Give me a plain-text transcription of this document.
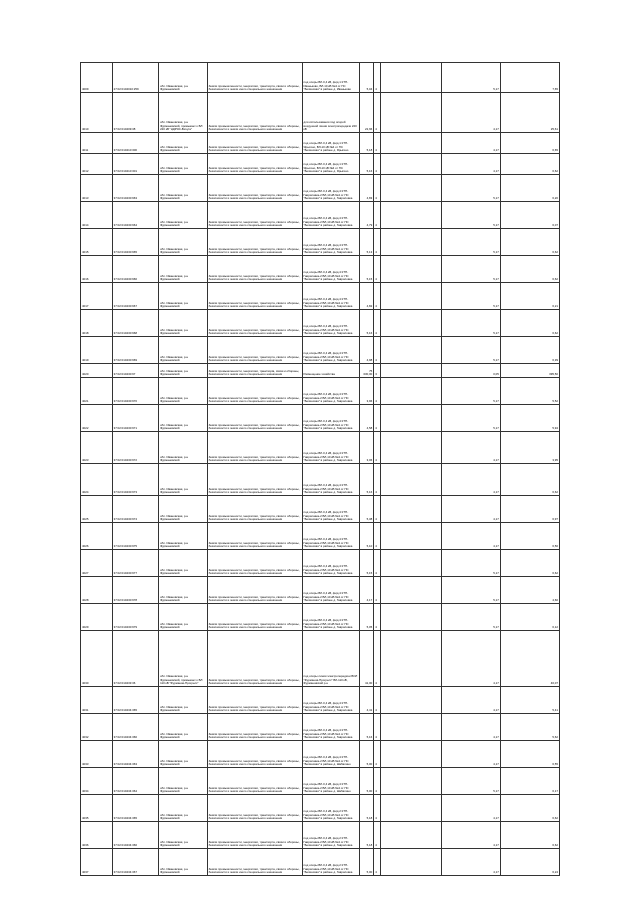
4009	27:02:0104010:259	обл. Ивановская, р-н Фурмановский	Земли промышленности, энергетики, транспорта, связи и обороны, безопасности и земли иного специального назначения	под опоры ВЛ-0,4 кВ, фид.1 КТП-Иваньково, ВЛ-10 кВ №4 от ПС "Белинская" в районе д. Иваньково	5,04	4		5,17	7,65
4010	37:02:010409:38	обл. Ивановская, р-н Фурмановский, примыкает к ВЛ 220 кВ "НДРЭС-Вичуга"	Земли промышленности, энергетики, транспорта, связи и обороны, безопасности и земли иного специального назначения	для использования под опорой воздушной линии электропередачи 220 кВ	22,66	4		4,17	25,61
4011	37:02:010410:300	обл. Ивановская, р-н Фурмановский	Земли промышленности, энергетики, транспорта, связи и обороны, безопасности и земли иного специального назначения	под опоры ВЛ-0,4 кВ, фид.1 КТП-Ярыгино, ВЛ-10 кВ №4 от ПС "Белинская" в районе д. Ярыгино	5,18	4		4,17	6,65
4012	37:02:010410:301	обл. Ивановская, р-н Фурмановский	Земли промышленности, энергетики, транспорта, связи и обороны, безопасности и земли иного специального назначения	под опоры ВЛ-0,4 кВ, фид.1 КТП-Ярыгино, ВЛ-10 кВ №4 от ПС "Белинская" в районе д. Ярыгино	5,16	4		4,17	6,62
4013	37:02:010430:963	обл. Ивановская, р-н Фурмановский	Земли промышленности, энергетики, транспорта, связи и обороны, безопасности и земли иного специального назначения	под опоры ВЛ-0,4 кВ, фид.4 КТП-Гавриловка-2 ВЛ-10 кВ №4 от ПС "Белинская" в районе д. Гавриловка	4,83	4		5,17	6,20
4014	37:02:010430:964	обл. Ивановская, р-н Фурмановский	Земли промышленности, энергетики, транспорта, связи и обороны, безопасности и земли иного специального назначения	под опоры ВЛ-0,4 кВ, фид.4 КТП-Гавриловка-2 ВЛ-10 кВ №4 от ПС "Белинская" в районе д. Гавриловка	4,79	4		5,17	6,07
4015	37:02:010430:965	обл. Ивановская, р-н Фурмановский	Земли промышленности, энергетики, транспорта, связи и обороны, безопасности и земли иного специального назначения	под опоры ВЛ-0,4 кВ, фид.4 КТП-Гавриловка-2 ВЛ-10 кВ №4 от ПС "Белинская" в районе д. Гавриловка	5,13	4		5,17	6,62
4016	37:02:010430:966	обл. Ивановская, р-н Фурмановский	Земли промышленности, энергетики, транспорта, связи и обороны, безопасности и земли иного специального назначения	под опоры ВЛ-0,4 кВ, фид.4 КТП-Гавриловка-2 ВЛ-10 кВ №4 от ПС "Белинская" в районе д. Гавриловка	5,15	4		5,17	6,62
4017	37:02:010430:967	обл. Ивановская, р-н Фурмановский	Земли промышленности, энергетики, транспорта, связи и обороны, безопасности и земли иного специального назначения	под опоры ВЛ-0,4 кВ, фид.4 КТП-Гавриловка-2 ВЛ-10 кВ №4 от ПС "Белинская" в районе д. Гавриловка	4,82	4		5,17	6,21
4018	37:02:010430:968	обл. Ивановская, р-н Фурмановский	Земли промышленности, энергетики, транспорта, связи и обороны, безопасности и земли иного специального назначения	под опоры ВЛ-0,4 кВ, фид.4 КТП-Гавриловка-2 ВЛ-10 кВ №4 от ПС "Белинская" в районе д. Гавриловка	5,16	4		5,17	6,62
4019	37:02:010430:969	обл. Ивановская, р-н Фурмановский	Земли промышленности, энергетики, транспорта, связи и обороны, безопасности и земли иного специального назначения	под опоры ВЛ-0,4 кВ, фид.4 КТП-Гавриловка-2 ВЛ-10 кВ №4 от ПС "Белинская" в районе д. Гавриловка	4,98	4		5,17	6,39
4020	37:02:010430:97	обл. Ивановская, р-н Фурмановский	Земли промышленности, энергетики, транспорta, связи и обороны, безопасности и земли иного специального назначения	Размещение хозяйства	75 030,00	3		0,05	395,50
4021	37:02:010430:970	обл. Ивановская, р-н Фурмановский	Земли промышленности, энергетики, транспорта, связи и обороны, безопасности и земли иного специального назначения	под опоры ВЛ-0,4 кВ, фид.4 КТП-Гавриловка-2 ВЛ-10 кВ №4 от ПС "Белинская" в районе д. Гавриловка	3,96	4		5,17	5,52
4022	37:02:010430:971	обл. Ивановская, р-н Фурмановский	Земли промышленности, энергетики, транспорта, связи и обороны, безопасности и земли иного специального назначения	под опоры ВЛ-0,4 кВ, фид.4 КТП-Гавриловка-2 ВЛ-10 кВ №4 от ПС "Белинская" в районе д. Гавриловка	4,58	4		5,17	5,94
4023	37:02:010430:972	обл. Ивановская, р-н Фурмановский	Земли промышленности, энергетики, транспорта, связи и обороны, безопасности и земли иного специального назначения	под опоры ВЛ-0,4 кВ, фид.4 КТП-Гавриловка-2 ВЛ-10 кВ №4 от ПС "Белинская" в районе д. Гавриловка	3,06	4		4,17	3,95
4024	37:02:010430:973	обл. Ивановская, р-н Фурмановский	Земли промышленности, энергетики, транспорта, связи и обороны, безопасности и земли иного специального назначения	под опоры ВЛ-0,4 кВ, фид.4 КТП-Гавриловка-2 ВЛ-10 кВ №4 от ПС "Белинская" в районе д. Гавриловка	5,16	4		4,17	6,62
4025	37:02:010430:974	обл. Ивановская, р-н Фурмановский	Земли промышленности, энергетики, транспорта, связи и обороны, безопасности и земли иного специального назначения	под опоры ВЛ-0,4 кВ, фид.4 КТП-Гавриловка-2 ВЛ-10 кВ №4 от ПС "Белинская" в районе д. Гавриловка	5,38	4		4,17	6,97
4026	37:02:010430:975	обл. Ивановская, р-н Фурмановский	Земли промышленности, энергетики, транспорта, связи и обороны, безопасности и земли иного специального назначения	под опоры ВЛ-0,4 кВ, фид.4 КТП-Гавриловка-2 ВЛ-10 кВ №4 от ПС "Белинская" в районе д. Гавриловка	5,10	4		4,17	6,56
4027	37:02:010430:977	обл. Ивановская, р-н Фурмановский	Земли промышленности, энергетики, транспорта, связи и обороны, безопасности и земли иного специального назначения	под опоры ВЛ-0,4 кВ, фид.4 КТП-Гавриловка-2 ВЛ-10 кВ №4 от ПС "Белинская" в районе д. Гавриловка	5,15	4		5,17	6,62
4028	37:02:010430:978	обл. Ивановская, р-н Фурмановский	Земли промышленности, энергетики, транспорта, связи и обороны, безопасности и земли иного специального назначения	под опоры ВЛ-0,4 кВ, фид.4 КТП-Гавриловка-2 ВЛ-10 кВ №4 от ПС "Белинская" в районе д. Гавриловка	4,17	4		5,17	4,60
4029	37:02:010430:979	обл. Ивановская, р-н Фурмановский	Земли промышленности, энергетики, транспорта, связи и обороны, безопасности и земли иного специального назначения	под опоры ВЛ-0,4 кВ, фид.4 КТП-Гавриловка-2 ВЛ-10 кВ №4 от ПС "Белинская" в районе д. Гавриловка	5,05	4		5,17	6,12
4030	37:02:010433:36	обл. Ивановская, р-н Фурмановский, примыкает к ВЛ 110 кВ "Фурманов-Прогресс"	Земли промышленности, энергетики, транспорта, связи и обороны, безопасности и земли иного специального назначения	под опоры линии электропередачи ВОЛ "Фурманов-Прогресс" ВЛ-110 кВ, Фурмановский р-н	41,00	4		4,17	46,07
4031	37:02:010434:365	обл. Ивановская, р-н Фурмановский	Земли промышленности, энергетики, транспорта, связи и обороны, безопасности и земли иного специального назначения	под опоры ВЛ-0,4 кВ, фид.4 КТП-Гавриловка-2 ВЛ-10 кВ №4 от ПС "Белинская" в районе д. Гавриловка	4,41	4		4,17	5,41
4032	37:02:010434:366	обл. Ивановская, р-н Фурмановский	Земли промышленности, энергетики, транспорта, связи и обороны, безопасности и земли иного специального назначения	под опоры ВЛ-0,4 кВ, фид.4 КТП-Гавриловка-2 ВЛ-10 кВ №4 от ПС "Белинская" в районе д. Гавриловка	5,16	4		4,17	5,62
4033	37:02:010434:363	обл. Ивановская, р-н Фурмановский	Земли промышленности, энергетики, транспорта, связи и обороны, безопасности и земли иного специального назначения	под опоры ВЛ-0,4 кВ, фид.4 КТП-Гавриловка-2 ВЛ-10 кВ №4 от ПС "Белинская" в районе д. Шабалино	5,00	4		4,17	6,55
4034	37:02:010434:364	обл. Ивановская, р-н Фурмановский	Земли промышленности, энергетики, транспорта, связи и обороны, безопасности и земли иного специального назначения	под опоры ВЛ-0,4 кВ, фид.4 КТП-Гавриловка-2 ВЛ-10 кВ №4 от ПС "Белинская" в районе д. Шабалино	5,00	4		5,17	6,17
4035	37:02:010434:365	обл. Ивановская, р-н Фурмановский	Земли промышленности, энергетики, транспорта, связи и обороны, безопасности и земли иного специального назначения	под опоры ВЛ-0,4 кВ, фид.2 КТП-Гавриловка-2 ВЛ-10 кВ №4 от ПС "Белинская" в районе д. Гавриловка	5,18	4		4,17	6,62
4036	37:02:010434:366	обл. Ивановская, р-н Фурмановский	Земли промышленности, энергетики, транспорта, связи и обороны, безопасности и земли иного специального назначения	под опоры ВЛ-0,4 кВ, фид.2 КТП-Гавриловка-2 ВЛ-10 кВ №4 от ПС "Белинская" в районе д. Гавриловка	5,18	4		4,17	6,62
4037	37:02:010434:367	обл. Ивановская, р-н Фурмановский	Земли промышленности, энергетики, транспорта, связи и обороны, безопасности и земли иного специального назначения	под опоры ВЛ-0,4 кВ, фид.2 КТП-Гавриловка-2 ВЛ-10 кВ №4 от ПС "Белинская" в районе д. Гавриловка	5,00	4		4,17	6,24
